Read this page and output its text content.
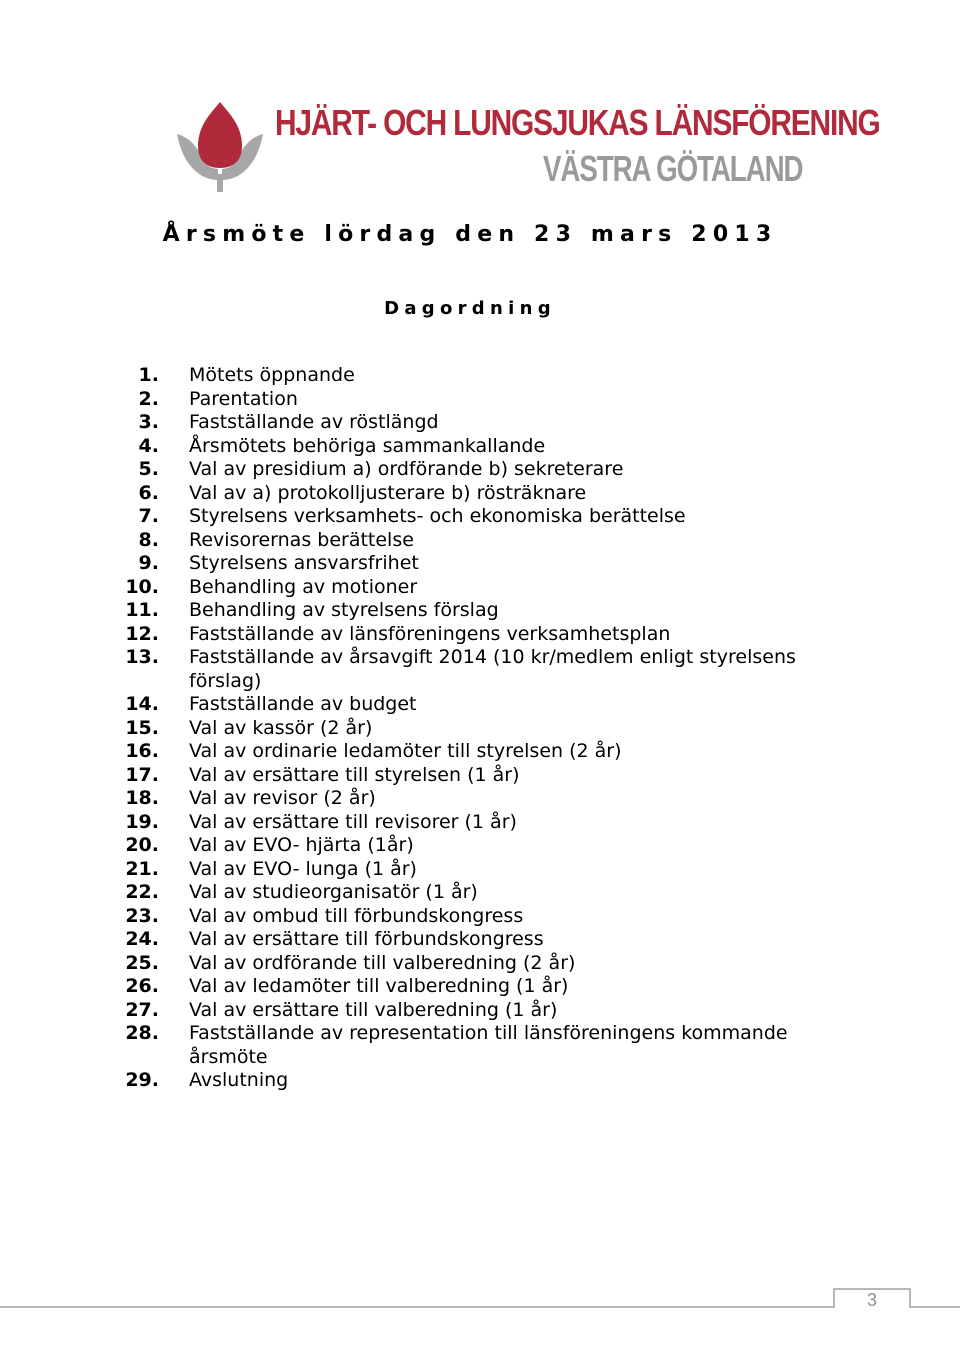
HJÄRT- OCH LUNGSJUKAS LÄNSFÖRENING
VÄSTRA GÖTALAND
Årsmöte lördag den 23 mars 2013
Dagordning
1. Mötets öppnande
2. Parentation
3. Fastställande av röstlängd
4. Årsmötets behöriga sammankallande
5. Val av presidium a) ordförande b) sekreterare
6. Val av a) protokolljusterare b) rösträknare
7. Styrelsens verksamhets- och ekonomiska berättelse
8. Revisorernas berättelse
9. Styrelsens ansvarsfrihet
10. Behandling av motioner
11. Behandling av styrelsens förslag
12. Fastställande av länsföreningens verksamhetsplan
13. Fastställande av årsavgift 2014 (10 kr/medlem enligt styrelsens förslag)
14. Fastställande av budget
15. Val av kassör (2 år)
16. Val av ordinarie ledamöter till styrelsen (2 år)
17. Val av ersättare till styrelsen (1 år)
18. Val av revisor (2 år)
19. Val av ersättare till revisorer (1 år)
20. Val av EVO- hjärta (1år)
21. Val av EVO- lunga (1 år)
22. Val av studieorganisatör (1 år)
23. Val av ombud till förbundskongress
24. Val av ersättare till förbundskongress
25. Val av ordförande till valberedning (2 år)
26. Val av ledamöter till valberedning (1 år)
27. Val av ersättare till valberedning (1 år)
28. Fastställande av representation till länsföreningens kommande årsmöte
29. Avslutning
3
